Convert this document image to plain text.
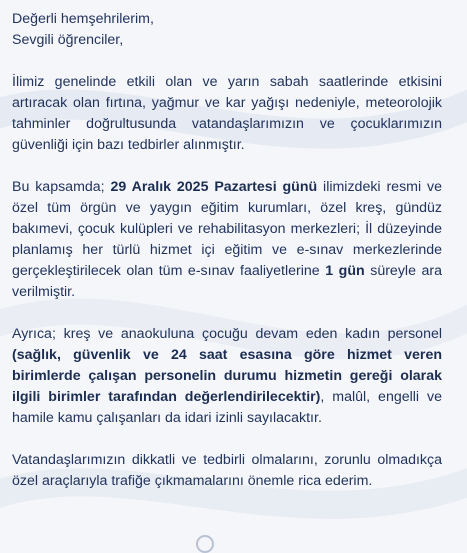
Değerli hemşehrilerim,

Sevgili öğrenciler,

İlimiz genelinde etkili olan ve yarın sabah saatlerinde etkisini artıracak olan fırtına, yağmur ve kar yağışı nedeniyle, meteorolojik tahminler doğrultusunda vatandaşlarımızın ve çocuklarımızın güvenliği için bazı tedbirler alınmıştır.

Bu kapsamda; 29 Aralık 2025 Pazartesi günü ilimizdeki resmi ve özel tüm örgün ve yaygın eğitim kurumları, özel kreş, gündüz bakımevi, çocuk kulüpleri ve rehabilitasyon merkezleri; İl düzeyinde planlamış her türlü hizmet içi eğitim ve e-sınav merkezlerinde gerçekleştirilecek olan tüm e-sınav faaliyetlerine 1 gün süreyle ara verilmiştir.

Ayrıca; kreş ve anaokuluna çocuğu devam eden kadın personel (sağlık, güvenlik ve 24 saat esasına göre hizmet veren birimlerde çalışan personelin durumu hizmetin gereği olarak ilgili birimler tarafından değerlendirilecektir), malûl, engelli ve hamile kamu çalışanları da idari izinli sayılacaktır.

Vatandaşlarımızın dikkatli ve tedbirli olmalarını, zorunlu olmadıkça özel araçlarıyla trafiğe çıkmamalarını önemle rica ederim.
